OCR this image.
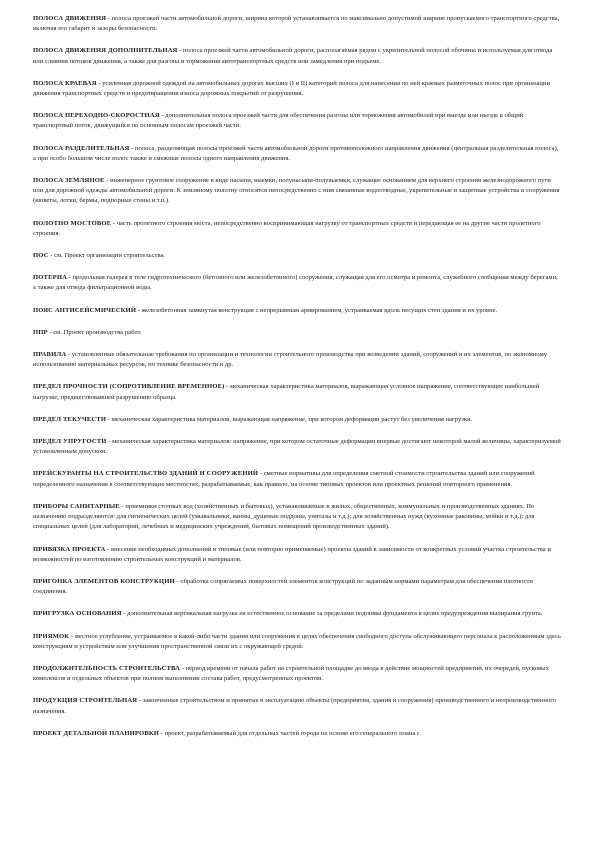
ПОЛОСА ДВИЖЕНИЯ - полоса проезжей части автомобильной дороги, ширина которой устанавливается по максимально допустимой ширине пропускаемого транспортного средства, включая его габарит и зазоры безопасности.

ПОЛОСА ДВИЖЕНИЯ ДОПОЛНИТЕЛЬНАЯ - полоса проезжей части автомобильной дороги, располагаемая рядом с укрепительной полосой обочины и используемая для отвода или слияния потоков движения, а также для разгона и торможения автотранспортных средств или замедления при подъеме.

ПОЛОСА КРАЕВАЯ - усиленная дорожной одеждой на автомобильных дорогах высших (I и II) категорий полоса для нанесения по ней краевых разметочных полос при организации движения транспортных средств и предотвращения износа дорожных покрытий от разрушения.

ПОЛОСА ПЕРЕХОДНО-СКОРОСТНАЯ - дополнительная полоса проезжей части для обеспечения разгона или торможения автомобилей при выезде или въезде в общий транспортный поток, движущийся по основным полосам проезжей части.

ПОЛОСА РАЗДЕЛИТЕЛЬНАЯ - полоса, разделяющая полосы проезжей части автомобильной дороги противоположного направления движения (центральная разделительная полоса), а при особо большом числе полос также и смежные полосы одного направления движения.

ПОЛОСА ЗЕМЛЯНОЕ - инженерное грунтовое сооружение в виде насыпи, выемки, полунасыпи-полувыемки, служащее основанием для верхнего строения железнодорожного пути или для дорожной одежды автомобильной дороги. К земляному полотну относятся непосредственно с ним связанные водоотводные, укрепительные и защитные устройства и сооружения (кюветы, лотки, бермы, подпорные стены и т.п.).

ПОЛОТНО МОСТОВОЕ - часть пролетного строения моста, непосредственно воспринимающая нагрузку от транспортных средств и передающая ее на другие части пролетного строения.

ПОС - см. Проект организации строительства.

ПОТЕРНА - продольная галерея в теле гидротехнического (бетонного или железобетонного) сооружения, служащая для его осмотра и ремонта, служебного сообщения между берегами, а также для отвода фильтрационной воды.

ПОЯС АНТИСЕЙСМИЧЕСКИЙ - железобетонная замкнутая конструкция с непрерывным армированием, устраиваемая вдоль несущих стен здания и их уровне.

ППР - см. Проект производства работ.

ПРАВИЛА - установленные обязательные требования по организации и технологии строительного производства при возведении зданий, сооружений и их элементов, по экономному использованию материальных ресурсов, по технике безопасности и др.

ПРЕДЕЛ ПРОЧНОСТИ (СОПРОТИВЛЕНИЕ ВРЕМЕННОЕ) - механическая характеристика материалов, выражающая условное напряжение, соответствующее наибольшей нагрузке, предшествовавшей разрушению образца.

ПРЕДЕЛ ТЕКУЧЕСТИ - механическая характеристика материалов, выражающая напряжение, при котором деформации растут без увеличения нагрузки.

ПРЕДЕЛ УПРУГОСТИ - механическая характеристика материалов: напряжение, при котором остаточные деформации впервые достигают некоторой малой величины, характеризуемой установленным допуском.

ПРЕЙСКУРАНТЫ НА СТРОИТЕЛЬСТВО ЗДАНИЙ И СООРУЖЕНИЙ - сметные нормативы для определения сметной стоимости строительства зданий или сооружений определенного назначения в соответствующих местностях, разрабатываемые, как правило, на основе типовых проектов или проектных решений повторного применения.

ПРИБОРЫ САНИТАРНЫЕ - приемники сточных вод (хозяйственных и бытовых), устанавливаемые в жилых, общественных, коммунальных и производственных зданиях. По назначению подразделяются: для гигиенических целей (умывальники, ванны, душевые поддоны, унитазы и т.д.); для хозяйственных нужд (кухонные раковины, мойки и т.д.); для специальных целей (для лабораторий, лечебных и медицинских учреждений, бытовых помещений производственных зданий).

ПРИВЯЗКА ПРОЕКТА - внесение необходимых дополнений в типовые (или повторно применяемые) проекты зданий в зависимости от конкретных условий участка строительства и возможностей по изготовлению строительных конструкций и материалов.

ПРИГОНКА ЭЛЕМЕНТОВ КОНСТРУКЦИИ - обработка сопрягаемых поверхностей элементов конструкций по заданным нормами параметрам для обеспечения плотности соединения.

ПРИГРУЗКА ОСНОВАНИЯ - дополнительная вертикальная нагрузка на естественное основание за пределами подошвы фундамента в целях предупреждения выпирания грунта.

ПРИЯМОК - местное углубление, устраиваемое в какой-либо части здания или сооружения в целях обеспечения свободного доступа обслуживающего персонала к расположенным здесь конструкциям и устройствам или улучшения пространственной связи их с окружающей средой.

ПРОДОЛЖИТЕЛЬНОСТЬ СТРОИТЕЛЬСТВА - период времени от начала работ на строительной площадке до ввода в действие мощностей предприятий, их очередей, пусковых комплексов и отдельных объектов при полном выполнении состава работ, предусмотренных проектом.

ПРОДУКЦИЯ СТРОИТЕЛЬНАЯ - законченные строительством и принятые в эксплуатацию объекты (предприятия, здания и сооружения) производственного и непроизводственного назначения.

ПРОЕКТ ДЕТАЛЬНОЙ ПЛАНИРОВКИ - проект, разрабатываемый для отдельных частей города на основе его генерального плана с
